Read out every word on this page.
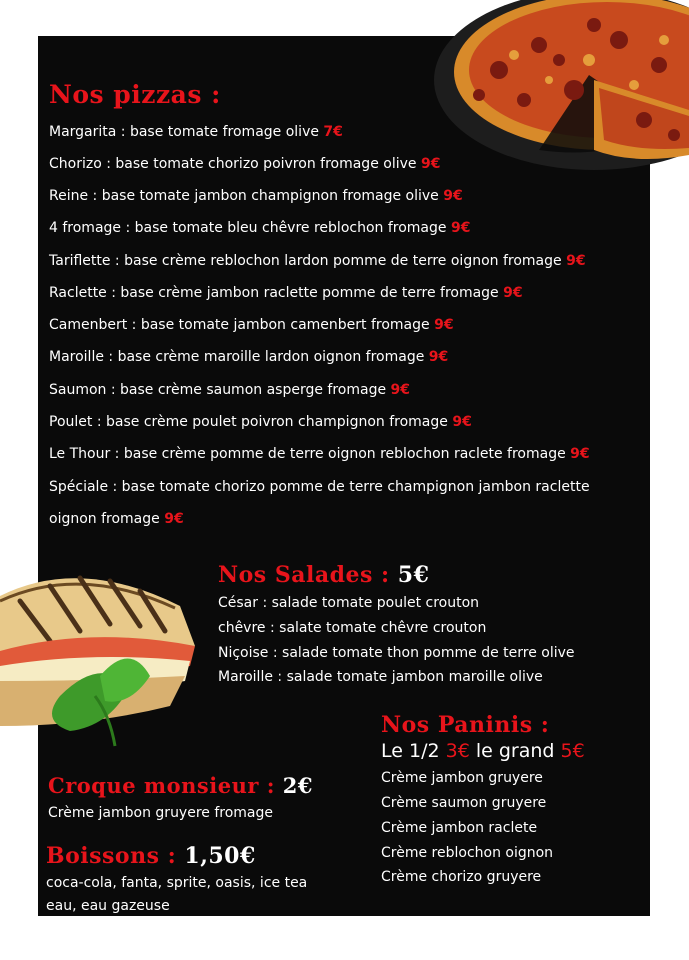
Nos pizzas :
Margarita : base tomate fromage olive 7€
Chorizo : base tomate chorizo poivron fromage olive 9€
Reine : base tomate jambon champignon fromage olive 9€
4 fromage : base tomate bleu chêvre reblochon fromage 9€
Tariflette : base crème reblochon lardon pomme de terre oignon fromage 9€
Raclette : base crème jambon raclette pomme de terre fromage 9€
Camenbert : base tomate jambon camenbert fromage 9€
Maroille : base crème maroille lardon oignon fromage 9€
Saumon : base crème saumon asperge fromage 9€
Poulet : base crème poulet poivron champignon fromage 9€
Le Thour : base crème pomme de terre oignon reblochon raclete fromage 9€
Spéciale : base tomate chorizo pomme de terre champignon jambon raclette
oignon fromage 9€
Nos Salades : 5€
César : salade tomate poulet crouton
chêvre : salate tomate chêvre crouton
Niçoise : salade tomate thon pomme de terre olive
Maroille : salade tomate jambon maroille olive
Nos Paninis :
Le 1/2 3€ le grand 5€
Crème jambon gruyere
Crème saumon gruyere
Crème jambon raclete
Crème reblochon oignon
Crème chorizo gruyere
Croque monsieur : 2€
Crème jambon gruyere fromage
Boissons : 1,50€
coca-cola, fanta, sprite, oasis, ice tea
eau, eau gazeuse
